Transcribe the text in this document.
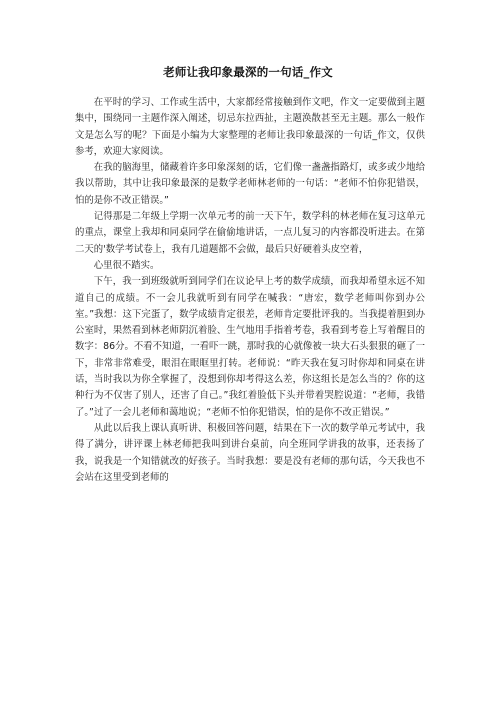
老师让我印象最深的一句话_作文

在平时的学习、工作或生活中，大家都经常接触到作文吧，作文一定要做到主题集中，围绕同一主题作深入阐述，切忌东拉西扯，主题涣散甚至无主题。那么一般作文是怎么写的呢？下面是小编为大家整理的老师让我印象最深的一句话_作文，仅供参考，欢迎大家阅读。

在我的脑海里，储藏着许多印象深刻的话，它们像一盏盏指路灯，或多或少地给我以帮助，其中让我印象最深的是数学老师林老师的一句话：“老师不怕你犯错误，怕的是你不改正错误。”

记得那是二年级上学期一次单元考的前一天下午，数学科的林老师在复习这单元的重点，课堂上我却和同桌同学在偷偷地讲话，一点儿复习的内容都没听进去。在第二天的'数学考试卷上，我有几道题都不会做，最后只好硬着头皮空着，

心里很不踏实。

下午，我一到班级就听到同学们在议论早上考的数学成绩，而我却希望永远不知道自己的成绩。不一会儿我就听到有同学在喊我：“唐宏，数学老师叫你到办公室。”我想：这下完蛋了，数学成绩肯定很差，老师肯定要批评我的。当我提着胆到办公室时，果然看到林老师阴沉着脸、生气地用手指着考卷，我看到考卷上写着醒目的数字：86分。不看不知道，一看吓一跳，那时我的心就像被一块大石头狠狠的砸了一下，非常非常难受，眼泪在眼眶里打转。老师说：“昨天我在复习时你却和同桌在讲话，当时我以为你全掌握了，没想到你却考得这么差，你这组长是怎么当的？你的这种行为不仅害了别人，还害了自己。”我红着脸低下头并带着哭腔说道：“老师，我错了。”过了一会儿老师和蔼地说；“老师不怕你犯错误，怕的是你不改正错误。”

从此以后我上课认真听讲、积极回答问题，结果在下一次的数学单元考试中，我得了满分，讲评课上林老师把我叫到讲台桌前，向全班同学讲我的故事，还表扬了我，说我是一个知错就改的好孩子。当时我想：要是没有老师的那句话，今天我也不会站在这里受到老师的
